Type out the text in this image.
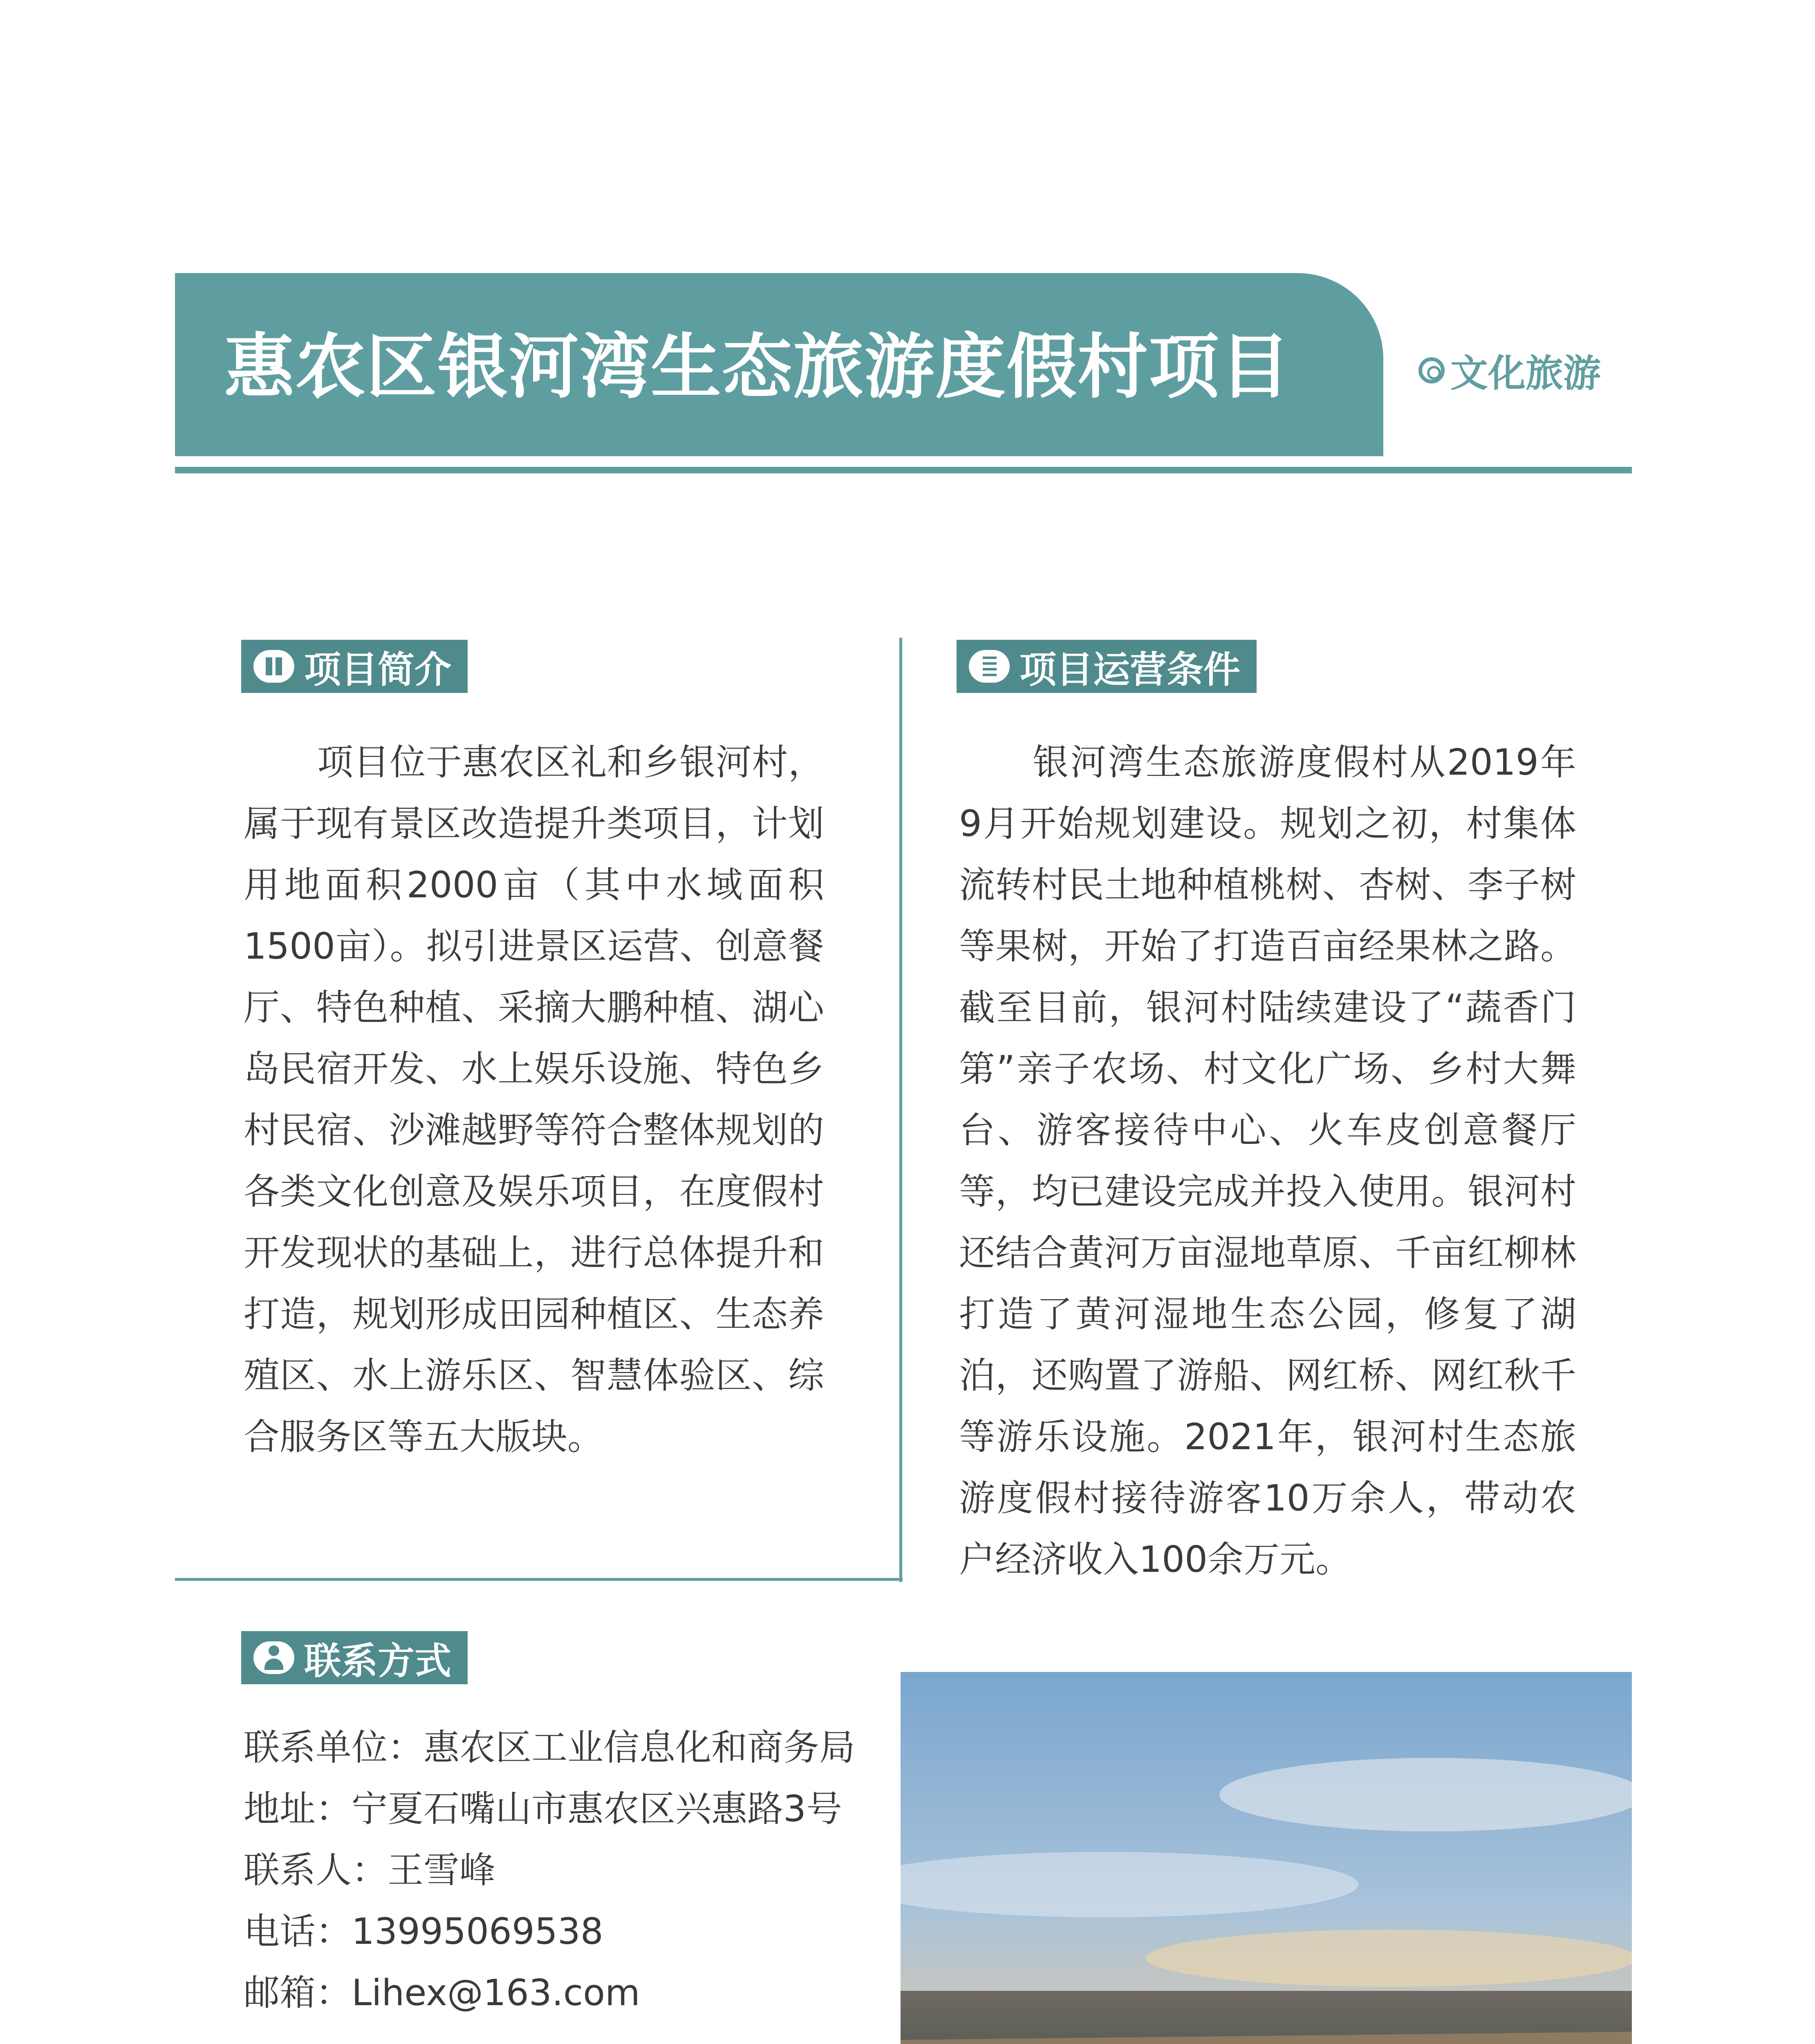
惠农区银河湾生态旅游度假村项目	文化旅游
项目简介

项目位于惠农区礼和乡银河村，属于现有景区改造提升类项目，计划用地面积2000亩（其中水域面积1500亩）。拟引进景区运营、创意餐厅、特色种植、采摘大鹏种植、湖心岛民宿开发、水上娱乐设施、特色乡村民宿、沙滩越野等符合整体规划的各类文化创意及娱乐项目，在度假村开发现状的基础上，进行总体提升和打造，规划形成田园种植区、生态养殖区、水上游乐区、智慧体验区、综合服务区等五大版块。

项目运营条件

银河湾生态旅游度假村从2019年9月开始规划建设。规划之初，村集体流转村民土地种植桃树、杏树、李子树等果树，开始了打造百亩经果林之路。截至目前，银河村陆续建设了“蔬香门第”亲子农场、村文化广场、乡村大舞台、游客接待中心、火车皮创意餐厅等，均已建设完成并投入使用。银河村还结合黄河万亩湿地草原、千亩红柳林打造了黄河湿地生态公园，修复了湖泊，还购置了游船、网红桥、网红秋千等游乐设施。2021年，银河村生态旅游度假村接待游客10万余人，带动农户经济收入100余万元。

联系方式
联系单位：惠农区工业信息化和商务局
地址：宁夏石嘴山市惠农区兴惠路3号
联系人：王雪峰
电话：13995069538
邮箱：Lihex@163.com
